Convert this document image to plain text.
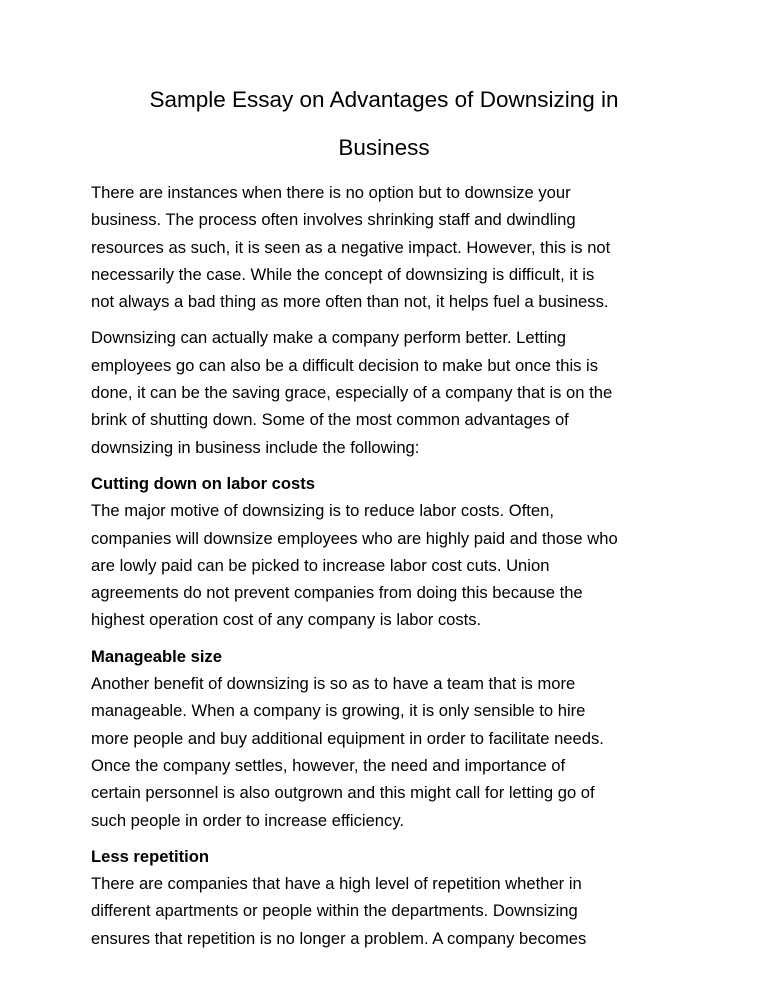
Sample Essay on Advantages of Downsizing in
Business
There are instances when there is no option but to downsize your
business. The process often involves shrinking staff and dwindling
resources as such, it is seen as a negative impact. However, this is not
necessarily the case. While the concept of downsizing is difficult, it is
not always a bad thing as more often than not, it helps fuel a business.
Downsizing can actually make a company perform better. Letting
employees go can also be a difficult decision to make but once this is
done, it can be the saving grace, especially of a company that is on the
brink of shutting down. Some of the most common advantages of
downsizing in business include the following:
Cutting down on labor costs
The major motive of downsizing is to reduce labor costs. Often,
companies will downsize employees who are highly paid and those who
are lowly paid can be picked to increase labor cost cuts. Union
agreements do not prevent companies from doing this because the
highest operation cost of any company is labor costs.
Manageable size
Another benefit of downsizing is so as to have a team that is more
manageable. When a company is growing, it is only sensible to hire
more people and buy additional equipment in order to facilitate needs.
Once the company settles, however, the need and importance of
certain personnel is also outgrown and this might call for letting go of
such people in order to increase efficiency.
Less repetition
There are companies that have a high level of repetition whether in
different apartments or people within the departments. Downsizing
ensures that repetition is no longer a problem. A company becomes
